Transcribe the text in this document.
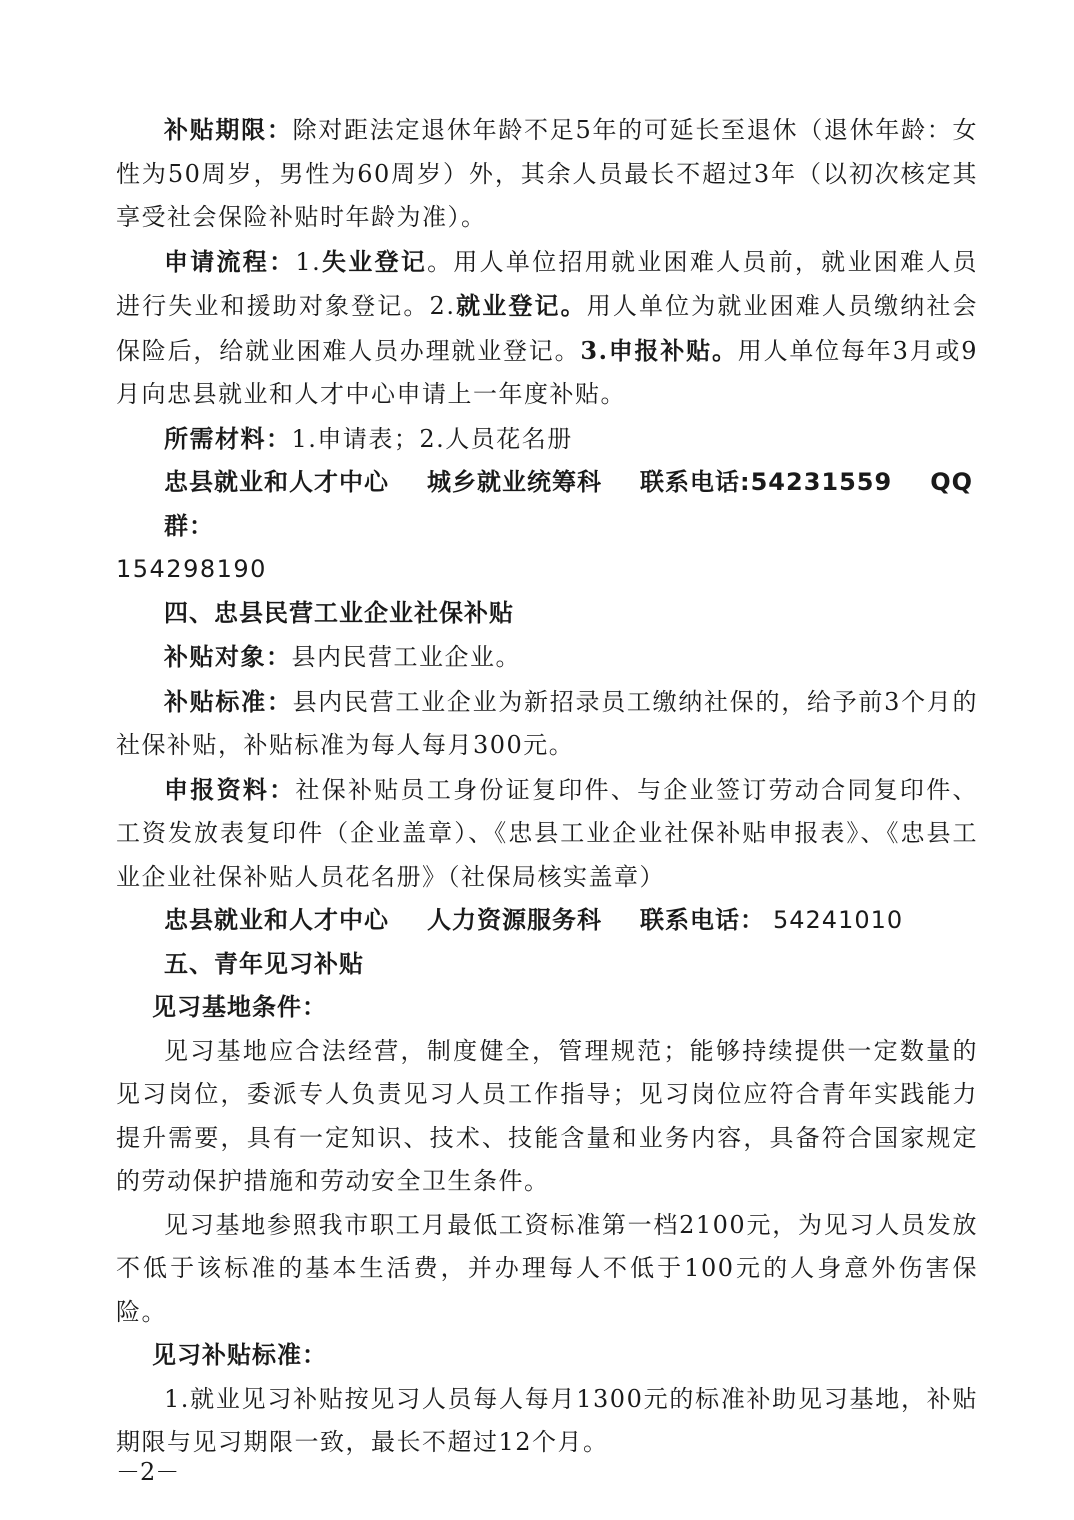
补贴期限：除对距法定退休年龄不足5年的可延长至退休（退休年龄：女性为50周岁，男性为60周岁）外，其余人员最长不超过3年（以初次核定其享受社会保险补贴时年龄为准）。

申请流程：1.失业登记。用人单位招用就业困难人员前，就业困难人员进行失业和援助对象登记。2.就业登记。用人单位为就业困难人员缴纳社会保险后，给就业困难人员办理就业登记。3.申报补贴。用人单位每年3月或9月向忠县就业和人才中心申请上一年度补贴。

所需材料：1.申请表；2.人员花名册

忠县就业和人才中心 城乡就业统筹科 联系电话:54231559 QQ群：

154298190

四、忠县民营工业企业社保补贴

补贴对象：县内民营工业企业。

补贴标准：县内民营工业企业为新招录员工缴纳社保的，给予前3个月的社保补贴，补贴标准为每人每月300元。

申报资料：社保补贴员工身份证复印件、与企业签订劳动合同复印件、工资发放表复印件（企业盖章）、《忠县工业企业社保补贴申报表》、《忠县工业企业社保补贴人员花名册》（社保局核实盖章）

忠县就业和人才中心 人力资源服务科 联系电话： 54241010

五、青年见习补贴

见习基地条件：

见习基地应合法经营，制度健全，管理规范；能够持续提供一定数量的见习岗位，委派专人负责见习人员工作指导；见习岗位应符合青年实践能力提升需要，具有一定知识、技术、技能含量和业务内容，具备符合国家规定的劳动保护措施和劳动安全卫生条件。

见习基地参照我市职工月最低工资标准第一档2100元，为见习人员发放不低于该标准的基本生活费，并办理每人不低于100元的人身意外伤害保险。

见习补贴标准：

1.就业见习补贴按见习人员每人每月1300元的标准补助见习基地，补贴期限与见习期限一致，最长不超过12个月。

－2－
